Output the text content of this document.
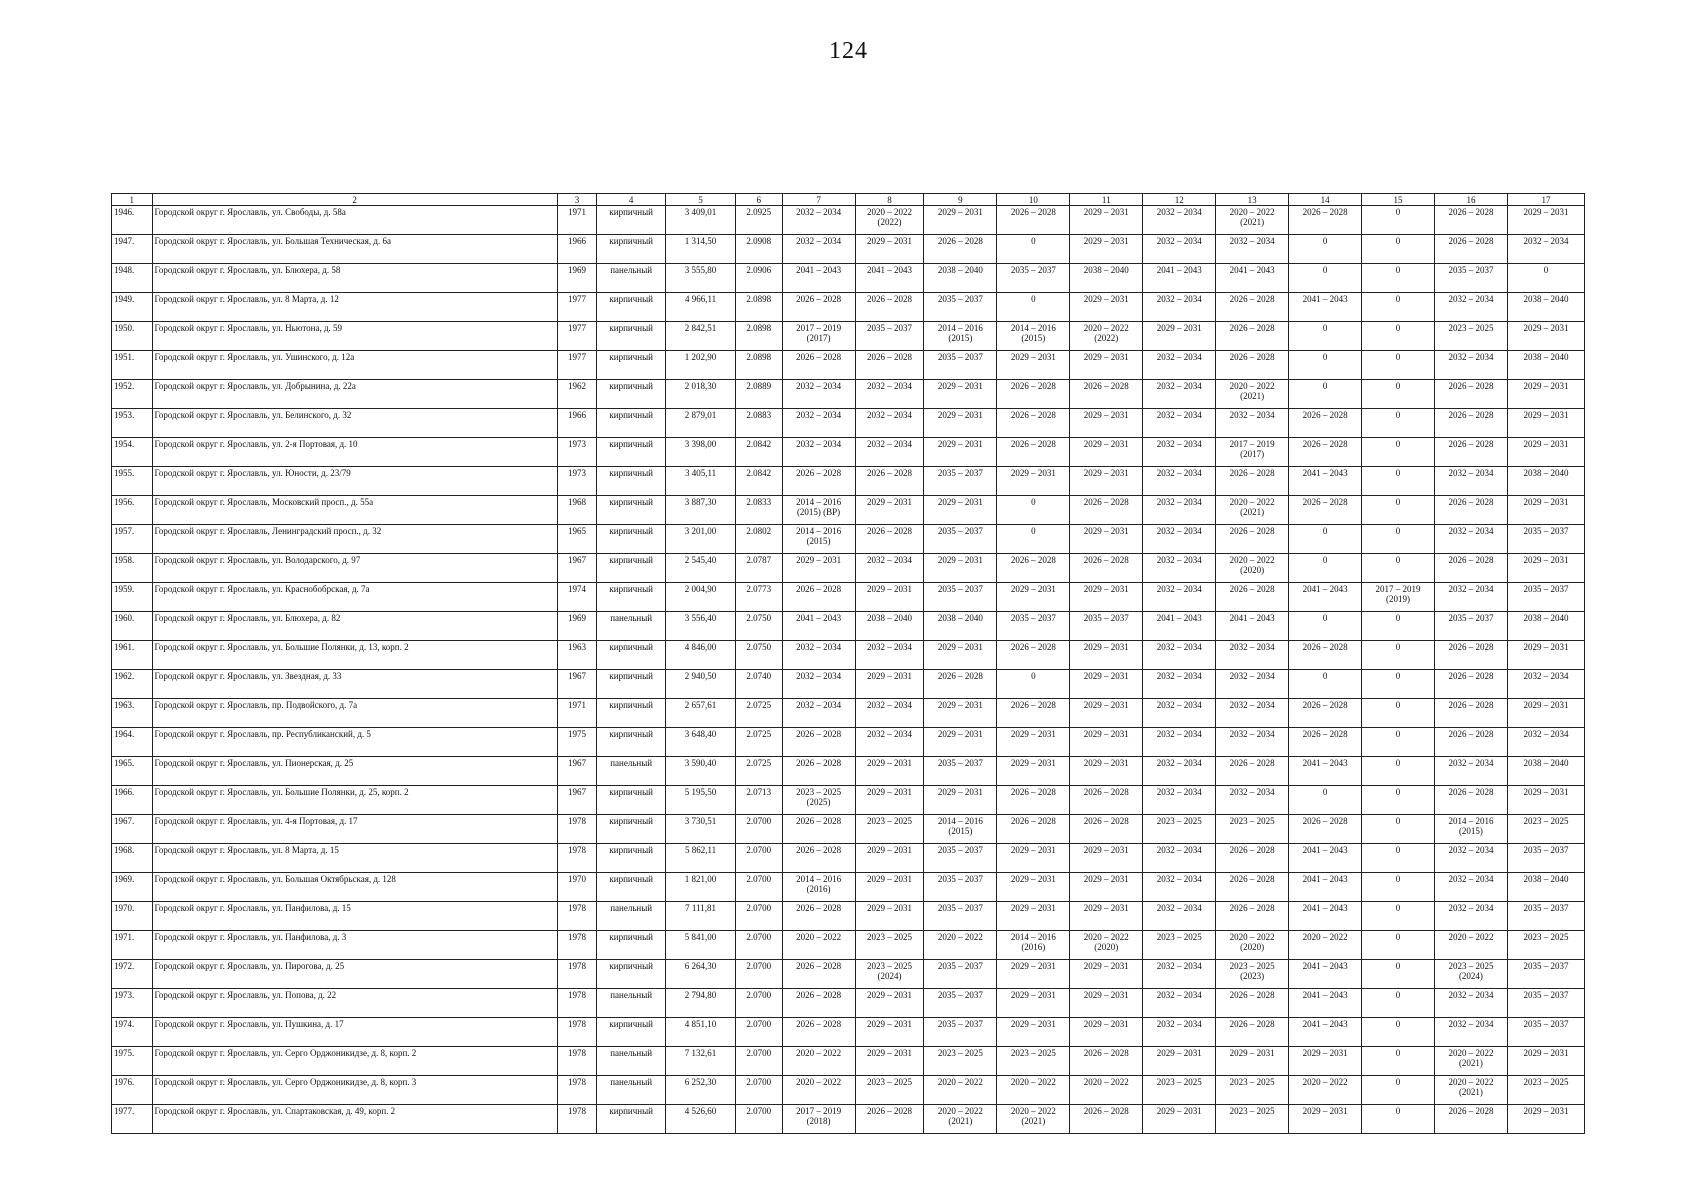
124
1	2	3	4	5	6	7	8	9	10	11	12	13	14	15	16	17
1946.	Городской округ г. Ярославль, ул. Свободы, д. 58а	1971	кирпичный	3 409,01	2.0925	2032 – 2034	2020 – 2022 (2022)	2029 – 2031	2026 – 2028	2029 – 2031	2032 – 2034	2020 – 2022 (2021)	2026 – 2028	0	2026 – 2028	2029 – 2031
1947.	Городской округ г. Ярославль, ул. Большая Техническая, д. 6а	1966	кирпичный	1 314,50	2.0908	2032 – 2034	2029 – 2031	2026 – 2028	0	2029 – 2031	2032 – 2034	2032 – 2034	0	0	2026 – 2028	2032 – 2034
1948.	Городской округ г. Ярославль, ул. Блюхера, д. 58	1969	панельный	3 555,80	2.0906	2041 – 2043	2041 – 2043	2038 – 2040	2035 – 2037	2038 – 2040	2041 – 2043	2041 – 2043	0	0	2035 – 2037	0
1949.	Городской округ г. Ярославль, ул. 8 Марта, д. 12	1977	кирпичный	4 966,11	2.0898	2026 – 2028	2026 – 2028	2035 – 2037	0	2029 – 2031	2032 – 2034	2026 – 2028	2041 – 2043	0	2032 – 2034	2038 – 2040
1950.	Городской округ г. Ярославль, ул. Ньютона, д. 59	1977	кирпичный	2 842,51	2.0898	2017 – 2019 (2017)	2035 – 2037	2014 – 2016 (2015)	2014 – 2016 (2015)	2020 – 2022 (2022)	2029 – 2031	2026 – 2028	0	0	2023 – 2025	2029 – 2031
1951.	Городской округ г. Ярославль, ул. Ушинского, д. 12а	1977	кирпичный	1 202,90	2.0898	2026 – 2028	2026 – 2028	2035 – 2037	2029 – 2031	2029 – 2031	2032 – 2034	2026 – 2028	0	0	2032 – 2034	2038 – 2040
1952.	Городской округ г. Ярославль, ул. Добрынина, д. 22а	1962	кирпичный	2 018,30	2.0889	2032 – 2034	2032 – 2034	2029 – 2031	2026 – 2028	2026 – 2028	2032 – 2034	2020 – 2022 (2021)	0	0	2026 – 2028	2029 – 2031
1953.	Городской округ г. Ярославль, ул. Белинского, д. 32	1966	кирпичный	2 879,01	2.0883	2032 – 2034	2032 – 2034	2029 – 2031	2026 – 2028	2029 – 2031	2032 – 2034	2032 – 2034	2026 – 2028	0	2026 – 2028	2029 – 2031
1954.	Городской округ г. Ярославль, ул. 2-я Портовая, д. 10	1973	кирпичный	3 398,00	2.0842	2032 – 2034	2032 – 2034	2029 – 2031	2026 – 2028	2029 – 2031	2032 – 2034	2017 – 2019 (2017)	2026 – 2028	0	2026 – 2028	2029 – 2031
1955.	Городской округ г. Ярославль, ул. Юности, д. 23/79	1973	кирпичный	3 405,11	2.0842	2026 – 2028	2026 – 2028	2035 – 2037	2029 – 2031	2029 – 2031	2032 – 2034	2026 – 2028	2041 – 2043	0	2032 – 2034	2038 – 2040
1956.	Городской округ г. Ярославль, Московский просп., д. 55а	1968	кирпичный	3 887,30	2.0833	2014 – 2016 (2015) (ВР)	2029 – 2031	2029 – 2031	0	2026 – 2028	2032 – 2034	2020 – 2022 (2021)	2026 – 2028	0	2026 – 2028	2029 – 2031
1957.	Городской округ г. Ярославль, Ленинградский просп., д. 32	1965	кирпичный	3 201,00	2.0802	2014 – 2016 (2015)	2026 – 2028	2035 – 2037	0	2029 – 2031	2032 – 2034	2026 – 2028	0	0	2032 – 2034	2035 – 2037
1958.	Городской округ г. Ярославль, ул. Володарского, д. 97	1967	кирпичный	2 545,40	2.0787	2029 – 2031	2032 – 2034	2029 – 2031	2026 – 2028	2026 – 2028	2032 – 2034	2020 – 2022 (2020)	0	0	2026 – 2028	2029 – 2031
1959.	Городской округ г. Ярославль, ул. Краснобобрская, д. 7а	1974	кирпичный	2 004,90	2.0773	2026 – 2028	2029 – 2031	2035 – 2037	2029 – 2031	2029 – 2031	2032 – 2034	2026 – 2028	2041 – 2043	2017 – 2019 (2019)	2032 – 2034	2035 – 2037
1960.	Городской округ г. Ярославль, ул. Блюхера, д. 82	1969	панельный	3 556,40	2.0750	2041 – 2043	2038 – 2040	2038 – 2040	2035 – 2037	2035 – 2037	2041 – 2043	2041 – 2043	0	0	2035 – 2037	2038 – 2040
1961.	Городской округ г. Ярославль, ул. Большие Полянки, д. 13, корп. 2	1963	кирпичный	4 846,00	2.0750	2032 – 2034	2032 – 2034	2029 – 2031	2026 – 2028	2029 – 2031	2032 – 2034	2032 – 2034	2026 – 2028	0	2026 – 2028	2029 – 2031
1962.	Городской округ г. Ярославль, ул. Звездная, д. 33	1967	кирпичный	2 940,50	2.0740	2032 – 2034	2029 – 2031	2026 – 2028	0	2029 – 2031	2032 – 2034	2032 – 2034	0	0	2026 – 2028	2032 – 2034
1963.	Городской округ г. Ярославль, пр. Подвойского, д. 7а	1971	кирпичный	2 657,61	2.0725	2032 – 2034	2032 – 2034	2029 – 2031	2026 – 2028	2029 – 2031	2032 – 2034	2032 – 2034	2026 – 2028	0	2026 – 2028	2029 – 2031
1964.	Городской округ г. Ярославль, пр. Республиканский, д. 5	1975	кирпичный	3 648,40	2.0725	2026 – 2028	2032 – 2034	2029 – 2031	2029 – 2031	2029 – 2031	2032 – 2034	2032 – 2034	2026 – 2028	0	2026 – 2028	2032 – 2034
1965.	Городской округ г. Ярославль, ул. Пионерская, д. 25	1967	панельный	3 590,40	2.0725	2026 – 2028	2029 – 2031	2035 – 2037	2029 – 2031	2029 – 2031	2032 – 2034	2026 – 2028	2041 – 2043	0	2032 – 2034	2038 – 2040
1966.	Городской округ г. Ярославль, ул. Большие Полянки, д. 25, корп. 2	1967	кирпичный	5 195,50	2.0713	2023 – 2025 (2025)	2029 – 2031	2029 – 2031	2026 – 2028	2026 – 2028	2032 – 2034	2032 – 2034	0	0	2026 – 2028	2029 – 2031
1967.	Городской округ г. Ярославль, ул. 4-я Портовая, д. 17	1978	кирпичный	3 730,51	2.0700	2026 – 2028	2023 – 2025	2014 – 2016 (2015)	2026 – 2028	2026 – 2028	2023 – 2025	2023 – 2025	2026 – 2028	0	2014 – 2016 (2015)	2023 – 2025
1968.	Городской округ г. Ярославль, ул. 8 Марта, д. 15	1978	кирпичный	5 862,11	2.0700	2026 – 2028	2029 – 2031	2035 – 2037	2029 – 2031	2029 – 2031	2032 – 2034	2026 – 2028	2041 – 2043	0	2032 – 2034	2035 – 2037
1969.	Городской округ г. Ярославль, ул. Большая Октябрьская, д. 128	1970	кирпичный	1 821,00	2.0700	2014 – 2016 (2016)	2029 – 2031	2035 – 2037	2029 – 2031	2029 – 2031	2032 – 2034	2026 – 2028	2041 – 2043	0	2032 – 2034	2038 – 2040
1970.	Городской округ г. Ярославль, ул. Панфилова, д. 15	1978	панельный	7 111,81	2.0700	2026 – 2028	2029 – 2031	2035 – 2037	2029 – 2031	2029 – 2031	2032 – 2034	2026 – 2028	2041 – 2043	0	2032 – 2034	2035 – 2037
1971.	Городской округ г. Ярославль, ул. Панфилова, д. 3	1978	кирпичный	5 841,00	2.0700	2020 – 2022	2023 – 2025	2020 – 2022	2014 – 2016 (2016)	2020 – 2022 (2020)	2023 – 2025	2020 – 2022 (2020)	2020 – 2022	0	2020 – 2022	2023 – 2025
1972.	Городской округ г. Ярославль, ул. Пирогова, д. 25	1978	кирпичный	6 264,30	2.0700	2026 – 2028	2023 – 2025 (2024)	2035 – 2037	2029 – 2031	2029 – 2031	2032 – 2034	2023 – 2025 (2023)	2041 – 2043	0	2023 – 2025 (2024)	2035 – 2037
1973.	Городской округ г. Ярославль, ул. Попова, д. 22	1978	панельный	2 794,80	2.0700	2026 – 2028	2029 – 2031	2035 – 2037	2029 – 2031	2029 – 2031	2032 – 2034	2026 – 2028	2041 – 2043	0	2032 – 2034	2035 – 2037
1974.	Городской округ г. Ярославль, ул. Пушкина, д. 17	1978	кирпичный	4 851,10	2.0700	2026 – 2028	2029 – 2031	2035 – 2037	2029 – 2031	2029 – 2031	2032 – 2034	2026 – 2028	2041 – 2043	0	2032 – 2034	2035 – 2037
1975.	Городской округ г. Ярославль, ул. Серго Орджоникидзе, д. 8, корп. 2	1978	панельный	7 132,61	2.0700	2020 – 2022	2029 – 2031	2023 – 2025	2023 – 2025	2026 – 2028	2029 – 2031	2029 – 2031	2029 – 2031	0	2020 – 2022 (2021)	2029 – 2031
1976.	Городской округ г. Ярославль, ул. Серго Орджоникидзе, д. 8, корп. 3	1978	панельный	6 252,30	2.0700	2020 – 2022	2023 – 2025	2020 – 2022	2020 – 2022	2020 – 2022	2023 – 2025	2023 – 2025	2020 – 2022	0	2020 – 2022 (2021)	2023 – 2025
1977.	Городской округ г. Ярославль, ул. Спартаковская, д. 49, корп. 2	1978	кирпичный	4 526,60	2.0700	2017 – 2019 (2018)	2026 – 2028	2020 – 2022 (2021)	2020 – 2022 (2021)	2026 – 2028	2029 – 2031	2023 – 2025	2029 – 2031	0	2026 – 2028	2029 – 2031
